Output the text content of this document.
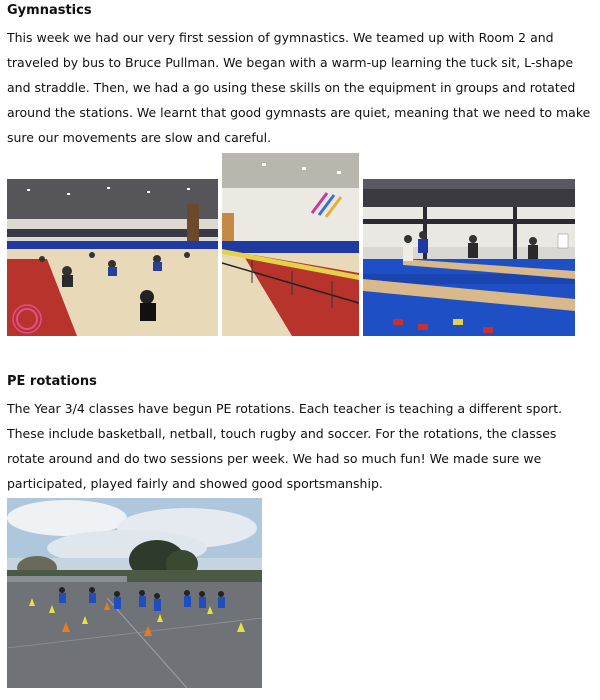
Gymnastics

This week we had our very first session of gymnastics. We teamed up with Room 2 and traveled by bus to Bruce Pullman. We began with a warm-up learning the tuck sit, L-shape and straddle. Then, we had a go using these skills on the equipment in groups and rotated around the stations. We learnt that good gymnasts are quiet, meaning that we need to make sure our movements are slow and careful.

PE rotations

The Year 3/4 classes have begun PE rotations. Each teacher is teaching a different sport. These include basketball, netball, touch rugby and soccer. For the rotations, the classes rotate around and do two sessions per week. We had so much fun! We made sure we participated, played fairly and showed good sportsmanship.
